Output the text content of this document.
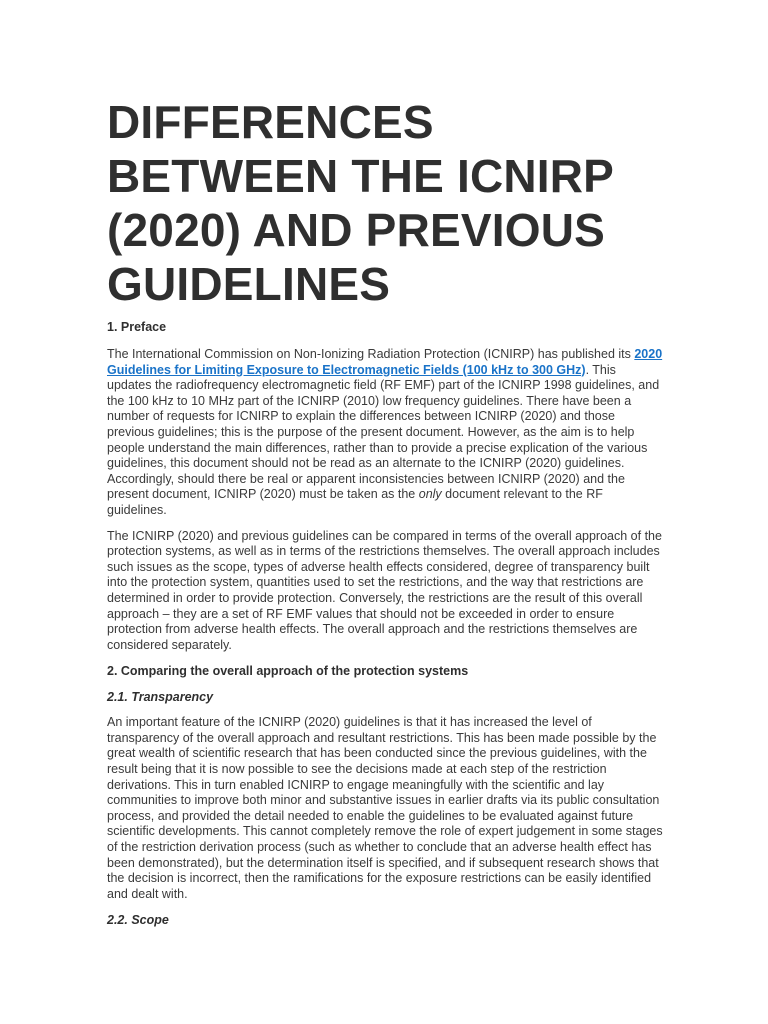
DIFFERENCES
BETWEEN THE ICNIRP
(2020) AND PREVIOUS
GUIDELINES
1. Preface

The International Commission on Non-Ionizing Radiation Protection (ICNIRP) has published its 2020 Guidelines for Limiting Exposure to Electromagnetic Fields (100 kHz to 300 GHz). This updates the radiofrequency electromagnetic field (RF EMF) part of the ICNIRP 1998 guidelines, and the 100 kHz to 10 MHz part of the ICNIRP (2010) low frequency guidelines. There have been a number of requests for ICNIRP to explain the differences between ICNIRP (2020) and those previous guidelines; this is the purpose of the present document. However, as the aim is to help people understand the main differences, rather than to provide a precise explication of the various guidelines, this document should not be read as an alternate to the ICNIRP (2020) guidelines. Accordingly, should there be real or apparent inconsistencies between ICNIRP (2020) and the present document, ICNIRP (2020) must be taken as the only document relevant to the RF guidelines.

The ICNIRP (2020) and previous guidelines can be compared in terms of the overall approach of the protection systems, as well as in terms of the restrictions themselves. The overall approach includes such issues as the scope, types of adverse health effects considered, degree of transparency built into the protection system, quantities used to set the restrictions, and the way that restrictions are determined in order to provide protection. Conversely, the restrictions are the result of this overall approach – they are a set of RF EMF values that should not be exceeded in order to ensure protection from adverse health effects. The overall approach and the restrictions themselves are considered separately.

2. Comparing the overall approach of the protection systems
2.1. Transparency

An important feature of the ICNIRP (2020) guidelines is that it has increased the level of transparency of the overall approach and resultant restrictions. This has been made possible by the great wealth of scientific research that has been conducted since the previous guidelines, with the result being that it is now possible to see the decisions made at each step of the restriction derivations. This in turn enabled ICNIRP to engage meaningfully with the scientific and lay communities to improve both minor and substantive issues in earlier drafts via its public consultation process, and provided the detail needed to enable the guidelines to be evaluated against future scientific developments. This cannot completely remove the role of expert judgement in some stages of the restriction derivation process (such as whether to conclude that an adverse health effect has been demonstrated), but the determination itself is specified, and if subsequent research shows that the decision is incorrect, then the ramifications for the exposure restrictions can be easily identified and dealt with.

2.2. Scope
